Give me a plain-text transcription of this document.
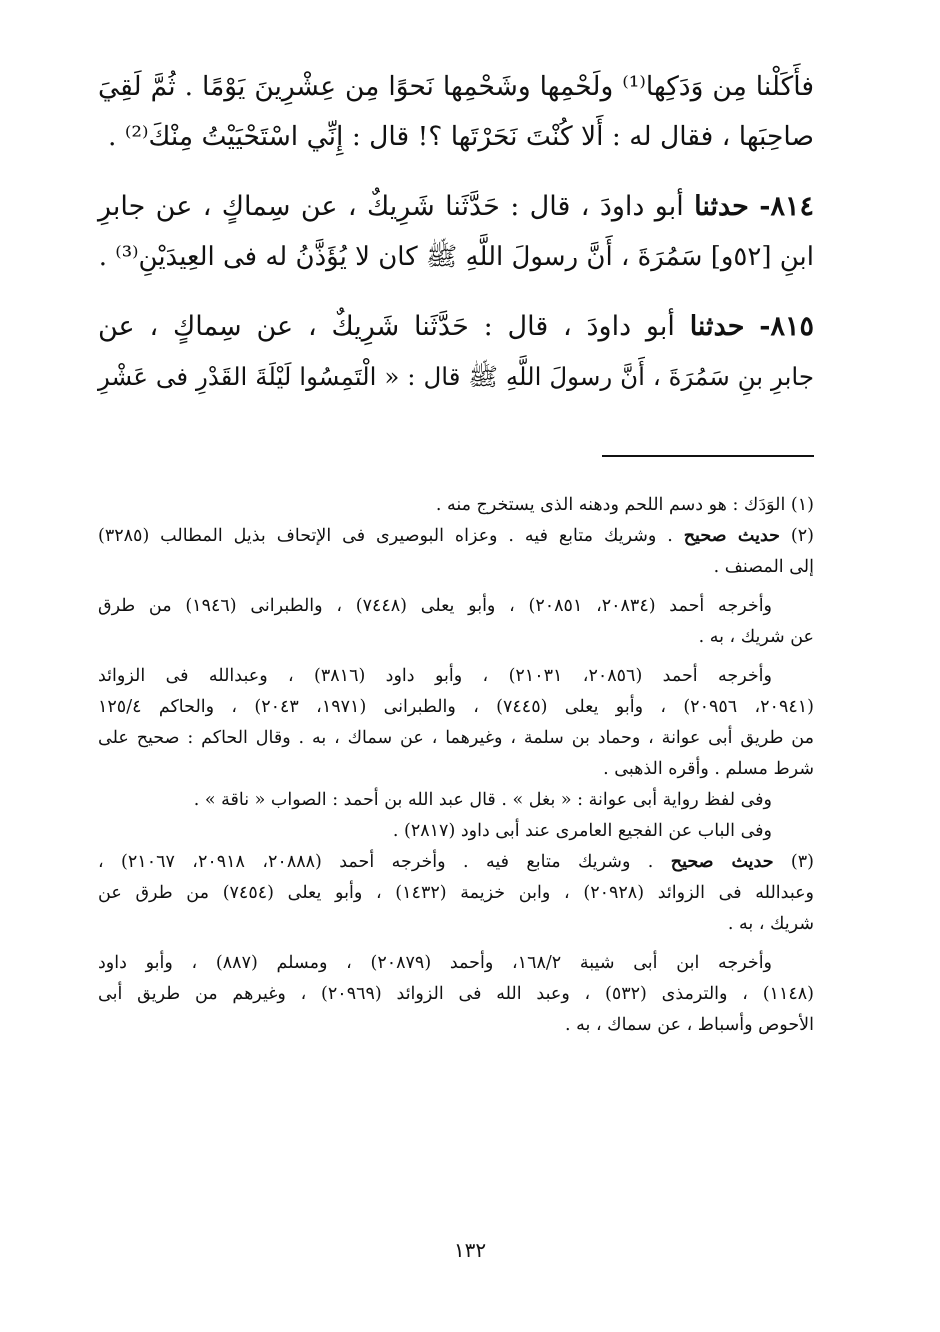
فأَكَلْنا مِن وَدَكِها⁽¹⁾ ولَحْمِها وشَحْمِها نَحوًا مِن عِشْرِينَ يَوْمًا . ثُمَّ لَقِيَ
صاحِبَها ، فقال له : أَلا كُنْتَ نَحَرْتَها ؟! قال : إِنِّي اسْتَحْيَيْتُ مِنْكَ⁽²⁾ .
٨١٤- حدثنا أبو داودَ ، قال : حَدَّثَنا شَرِيكٌ ، عن سِماكٍ ، عن جابرِ
ابنِ [٥٢و] سَمُرَةَ ، أَنَّ رسولَ اللَّهِ ﷺ كان لا يُؤَذَّنُ له فى العِيدَيْنِ⁽³⁾ .
٨١٥- حدثنا أبو داودَ ، قال : حَدَّثَنا شَرِيكٌ ، عن سِماكٍ ، عن
جابرِ بنِ سَمُرَةَ ، أَنَّ رسولَ اللَّهِ ﷺ قال : « الْتَمِسُوا لَيْلَةَ القَدْرِ فى عَشْرِ
(١) الوَدَك : هو دسم اللحم ودهنه الذى يستخرج منه .
(٢) حديث صحيح . وشريك متابع فيه . وعزاه البوصيرى فى الإتحاف بذيل المطالب (٣٢٨٥)
إلى المصنف .
وأخرجه أحمد (٢٠٨٣٤، ٢٠٨٥١) ، وأبو يعلى (٧٤٤٨) ، والطبرانى (١٩٤٦) من طرق
عن شريك ، به .
وأخرجه أحمد (٢٠٨٥٦، ٢١٠٣١) ، وأبو داود (٣٨١٦) ، وعبدالله فى الزوائد
(٢٠٩٤١، ٢٠٩٥٦) ، وأبو يعلى (٧٤٤٥) ، والطبرانى (١٩٧١، ٢٠٤٣) ، والحاكم ١٢٥/٤
من طريق أبى عوانة ، وحماد بن سلمة ، وغيرهما ، عن سماك ، به . وقال الحاكم : صحيح على
شرط مسلم . وأقره الذهبى .
وفى لفظ رواية أبى عوانة : « بغل » . قال عبد الله بن أحمد : الصواب « ناقة » .
وفى الباب عن الفجيع العامرى عند أبى داود (٢٨١٧) .
(٣) حديث صحيح . وشريك متابع فيه . وأخرجه أحمد (٢٠٨٨٨، ٢٠٩١٨، ٢١٠٦٧) ،
وعبدالله فى الزوائد (٢٠٩٢٨) ، وابن خزيمة (١٤٣٢) ، وأبو يعلى (٧٤٥٤) من طرق عن
شريك ، به .
وأخرجه ابن أبى شيبة ١٦٨/٢، وأحمد (٢٠٨٧٩) ، ومسلم (٨٨٧) ، وأبو داود
(١١٤٨) ، والترمذى (٥٣٢) ، وعبد الله فى الزوائد (٢٠٩٦٩) ، وغيرهم من طريق أبى
الأحوص وأسباط ، عن سماك ، به .
١٣٢
